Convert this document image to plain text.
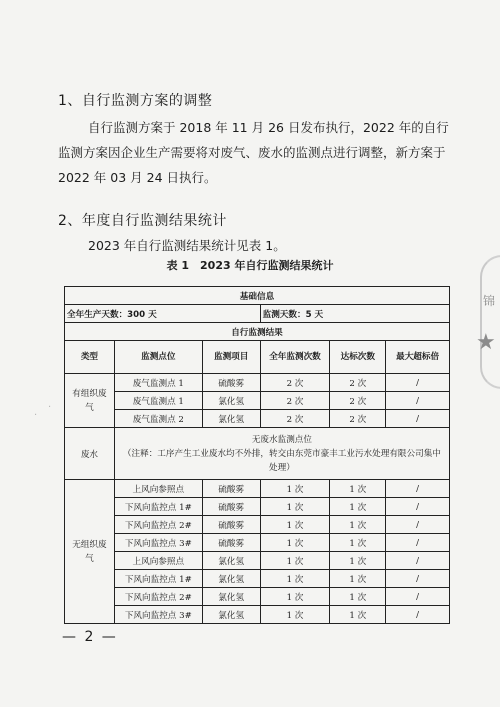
锦
★
1、自行监测方案的调整

自行监测方案于 2018 年 11 月 26 日发布执行，2022 年的自行监测方案因企业生产需要将对废气、废水的监测点进行调整，新方案于 2022 年 03 月 24 日执行。

2、年度自行监测结果统计

2023 年自行监测结果统计见表 1。

表 1　2023 年自行监测结果统计
基础信息					
全年生产天数：300 天			监测天数：5 天		
自行监测结果					
类型	监测点位	监测项目	全年监测次数	达标次数	最大超标倍
有组织废气	废气监测点 1	硫酸雾	2 次	2 次	/
	废气监测点 1	氯化氢	2 次	2 次	/
	废气监测点 2	氯化氢	2 次	2 次	/
废水	无废水监测点位
（注释：工序产生工业废水均不外排，转交由东莞市豪丰工业污水处理有限公司集中处理）				

无组织废气	上风向参照点	硫酸雾	1 次	1 次	/
	下风向监控点 1#	硫酸雾	1 次	1 次	/
	下风向监控点 2#	硫酸雾	1 次	1 次	/
	下风向监控点 3#	硫酸雾	1 次	1 次	/
	上风向参照点	氯化氢	1 次	1 次	/
	下风向监控点 1#	氯化氢	1 次	1 次	/
	下风向监控点 2#	氯化氢	1 次	1 次	/
	下风向监控点 3#	氯化氢	1 次	1 次	/
— 2 —
·
·
